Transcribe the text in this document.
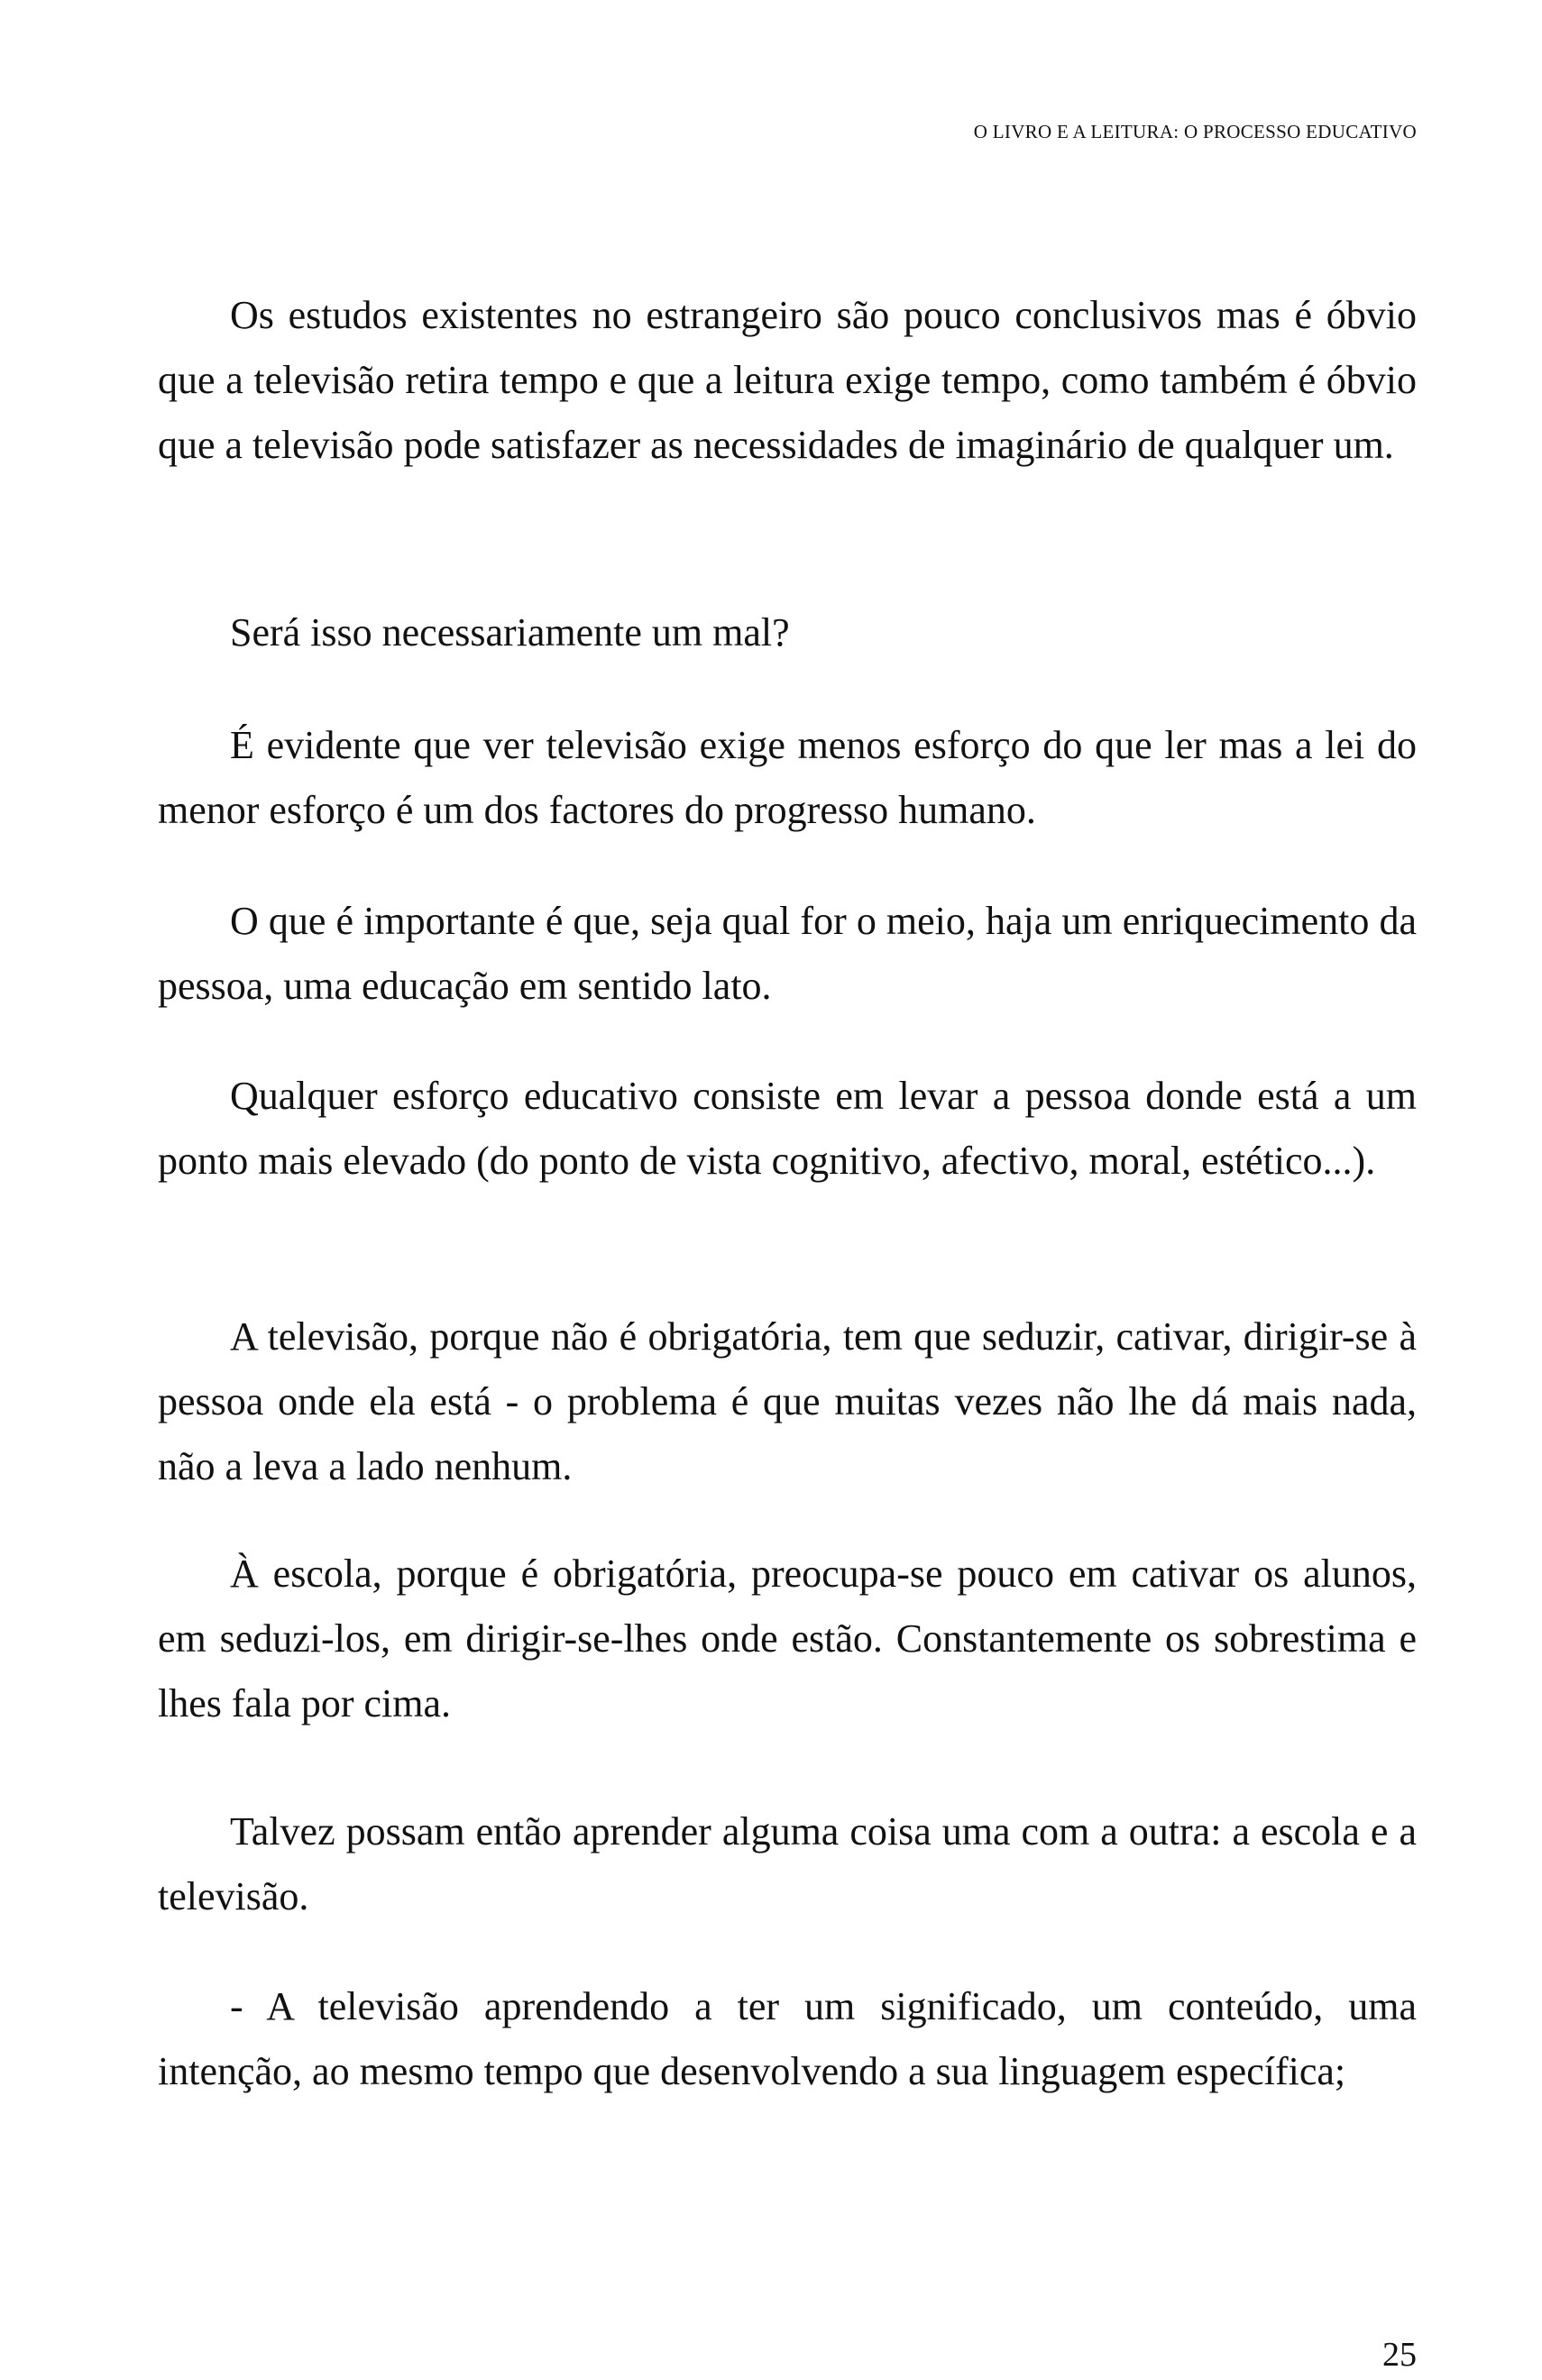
O LIVRO E A LEITURA: O PROCESSO EDUCATIVO

Os estudos existentes no estrangeiro são pouco conclusivos mas é óbvio que a televisão retira tempo e que a leitura exige tempo, como também é óbvio que a televisão pode satisfazer as necessidades de imaginário de qualquer um.

Será isso necessariamente um mal?

É evidente que ver televisão exige menos esforço do que ler mas a lei do menor esforço é um dos factores do progresso humano.

O que é importante é que, seja qual for o meio, haja um enriquecimento da pessoa, uma educação em sentido lato.

Qualquer esforço educativo consiste em levar a pessoa donde está a um ponto mais elevado (do ponto de vista cognitivo, afectivo, moral, estético...).

A televisão, porque não é obrigatória, tem que seduzir, cativar, dirigir-se à pessoa onde ela está - o problema é que muitas vezes não lhe dá mais nada, não a leva a lado nenhum.

À escola, porque é obrigatória, preocupa-se pouco em cativar os alunos, em seduzi-los, em dirigir-se-lhes onde estão. Constantemente os sobrestima e lhes fala por cima.

Talvez possam então aprender alguma coisa uma com a outra: a escola e a televisão.

- A televisão aprendendo a ter um significado, um conteúdo, uma intenção, ao mesmo tempo que desenvolvendo a sua linguagem específica;

25
